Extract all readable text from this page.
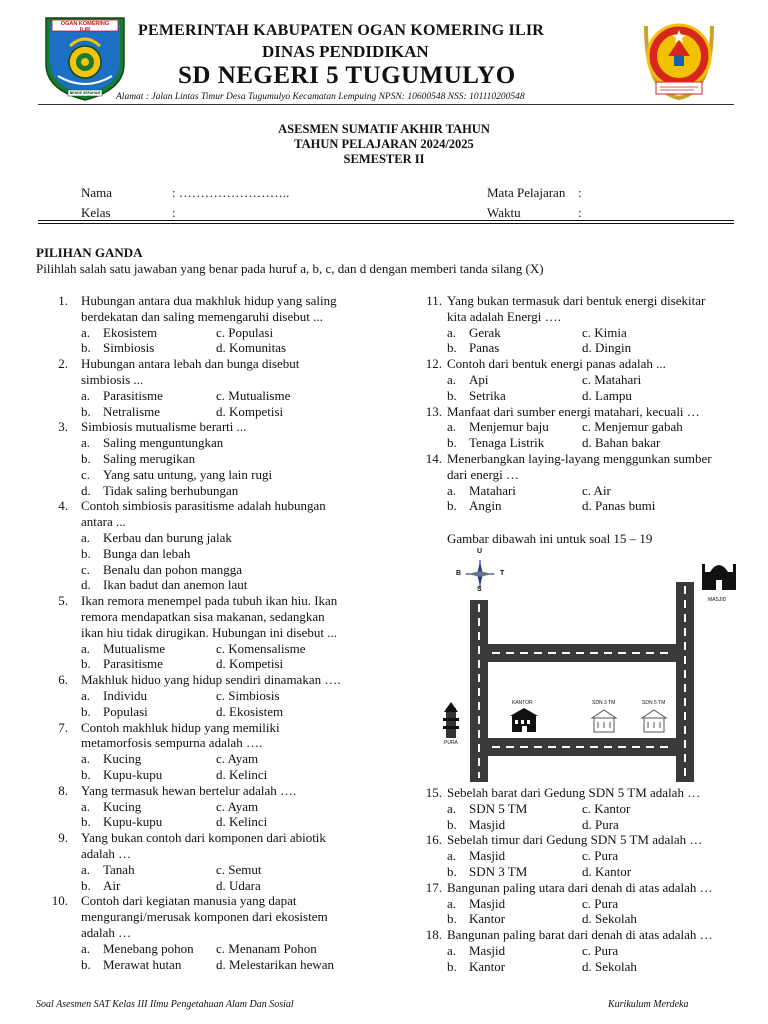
OGAN KOMERING ILIR
BENDE SEPAHAM
PEMERINTAH KABUPATEN OGAN KOMERING ILIR
DINAS PENDIDIKAN
SD NEGERI 5 TUGUMULYO
Alamat : Jalan Lintas Timur Desa Tugumulyo Kecamatan Lempuing NPSN: 10600548 NSS: 101110200548
ASESMEN SUMATIF AKHIR TAHUN
TAHUN PELAJARAN 2024/2025
SEMESTER II
Nama	: ……………………..	Mata Pelajaran :
Kelas	:	Waktu	:
PILIHAN GANDA
Pilihlah salah satu jawaban yang benar pada huruf a, b, c, dan d dengan memberi tanda silang (X)
1. Hubungan antara dua makhluk hidup yang saling
berdekatan dan saling memengaruhi disebut ...
a. Ekosistem	c. Populasi
b. Simbiosis	d. Komunitas
2. Hubungan antara lebah dan bunga disebut
simbiosis ...
a. Parasitisme	c. Mutualisme
b. Netralisme	d. Kompetisi
3. Simbiosis mutualisme berarti ...
a. Saling menguntungkan
b. Saling merugikan
c. Yang satu untung, yang lain rugi
d. Tidak saling berhubungan
4. Contoh simbiosis parasitisme adalah hubungan
antara ...
a. Kerbau dan burung jalak
b. Bunga dan lebah
c. Benalu dan pohon mangga
d. Ikan badut dan anemon laut
5. Ikan remora menempel pada tubuh ikan hiu. Ikan
remora mendapatkan sisa makanan, sedangkan
ikan hiu tidak dirugikan. Hubungan ini disebut ...
a. Mutualisme	c. Komensalisme
b. Parasitisme	d. Kompetisi
6. Makhluk hiduo yang hidup sendiri dinamakan ….
a. Individu	c. Simbiosis
b. Populasi	d. Ekosistem
7. Contoh makhluk hidup yang memiliki
metamorfosis sempurna adalah ….
a. Kucing	c. Ayam
b. Kupu-kupu	d. Kelinci
8. Yang termasuk hewan bertelur adalah ….
a. Kucing	c. Ayam
b. Kupu-kupu	d. Kelinci
9. Yang bukan contoh dari komponen dari abiotik
adalah …
a. Tanah	c. Semut
b. Air	d. Udara
10. Contoh dari kegiatan manusia yang dapat
mengurangi/merusak komponen dari ekosistem
adalah …
a. Menebang pohon c. Menanam Pohon
b. Merawat hutan	d. Melestarikan hewan
11. Yang bukan termasuk dari bentuk energi disekitar
kita adalah Energi ….
a. Gerak	c. Kimia
b. Panas	d. Dingin
12. Contoh dari bentuk energi panas adalah ...
a. Api	c. Matahari
b. Setrika	d. Lampu
13. Manfaat dari sumber energi matahari, kecuali …
a. Menjemur baju	c. Menjemur gabah
b. Tenaga Listrik	d. Bahan bakar
14. Menerbangkan laying-layang menggunkan sumber
dari energi …
a. Matahari	c. Air
b. Angin	d. Panas bumi
Gambar dibawah ini untuk soal 15 – 19
U
S
B	T
MASJID
KANTOR	SDN 3 TM	SDN 5 TM
PURA
15. Sebelah barat dari Gedung SDN 5 TM adalah …
a. SDN 5 TM	c. Kantor
b. Masjid	d. Pura
16. Sebelah timur dari Gedung SDN 5 TM adalah …
a. Masjid	c. Pura
b. SDN 3 TM	d. Kantor
17. Bangunan paling utara dari denah di atas adalah …
a. Masjid	c. Pura
b. Kantor	d. Sekolah
18. Bangunan paling barat dari denah di atas adalah …
a. Masjid	c. Pura
b. Kantor	d. Sekolah
Soal Asesmen SAT Kelas III Ilmu Pengetahuan Alam Dan Sosial	Kurikulum Merdeka
